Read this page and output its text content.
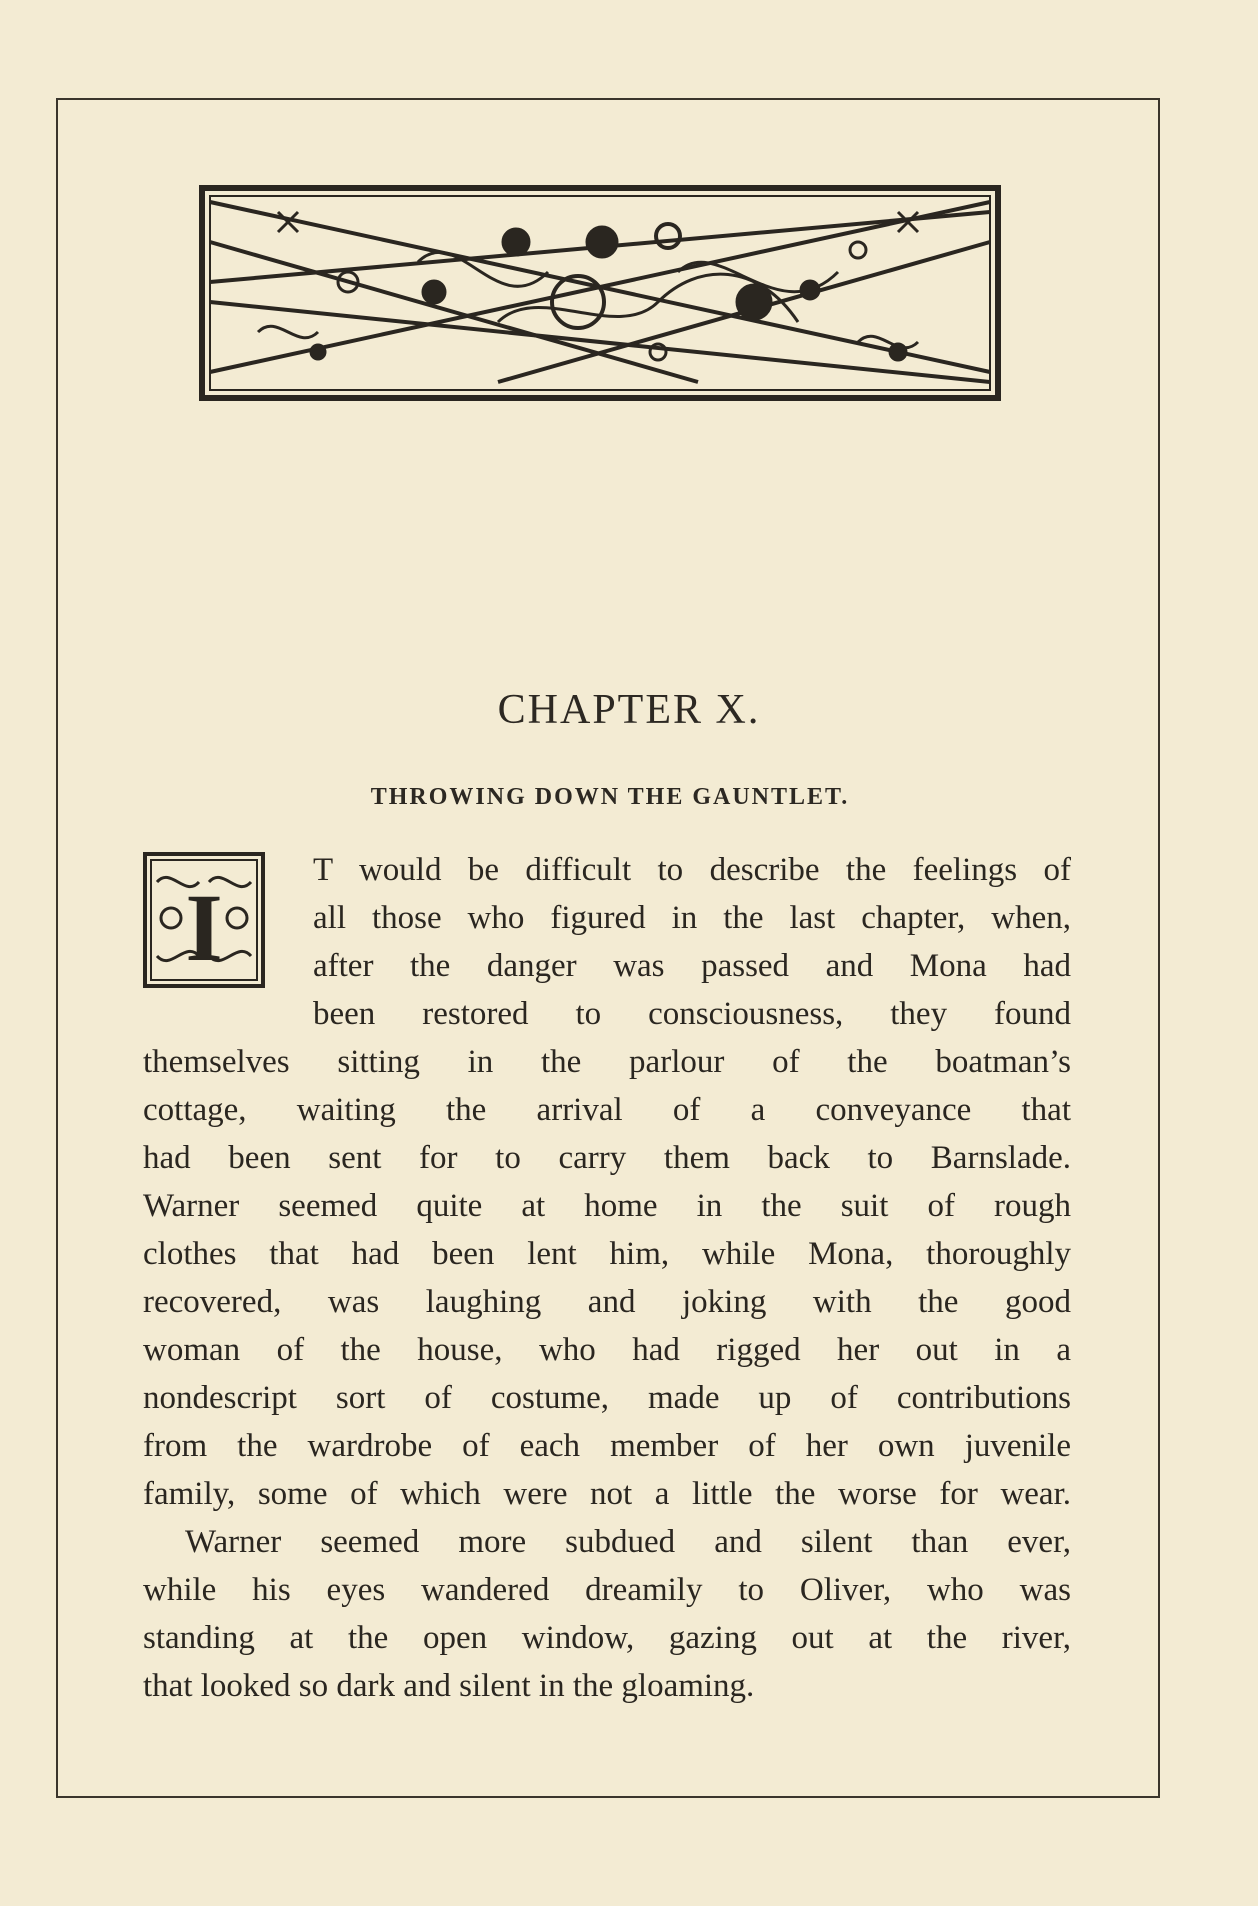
CHAPTER X.
THROWING DOWN THE GAUNTLET.
I
T would be difficult to describe the feelings of
all those who figured in the last chapter, when,
after the danger was passed and Mona had
been restored to consciousness, they found
themselves sitting in the parlour of the boatman’s
cottage, waiting the arrival of a conveyance that
had been sent for to carry them back to Barnslade.
Warner seemed quite at home in the suit of rough
clothes that had been lent him, while Mona, thoroughly
recovered, was laughing and joking with the good
woman of the house, who had rigged her out in a
nondescript sort of costume, made up of contributions
from the wardrobe of each member of her own juvenile
family, some of which were not a little the worse for wear.
Warner seemed more subdued and silent than ever,
while his eyes wandered dreamily to Oliver, who was
standing at the open window, gazing out at the river,
that looked so dark and silent in the gloaming.
